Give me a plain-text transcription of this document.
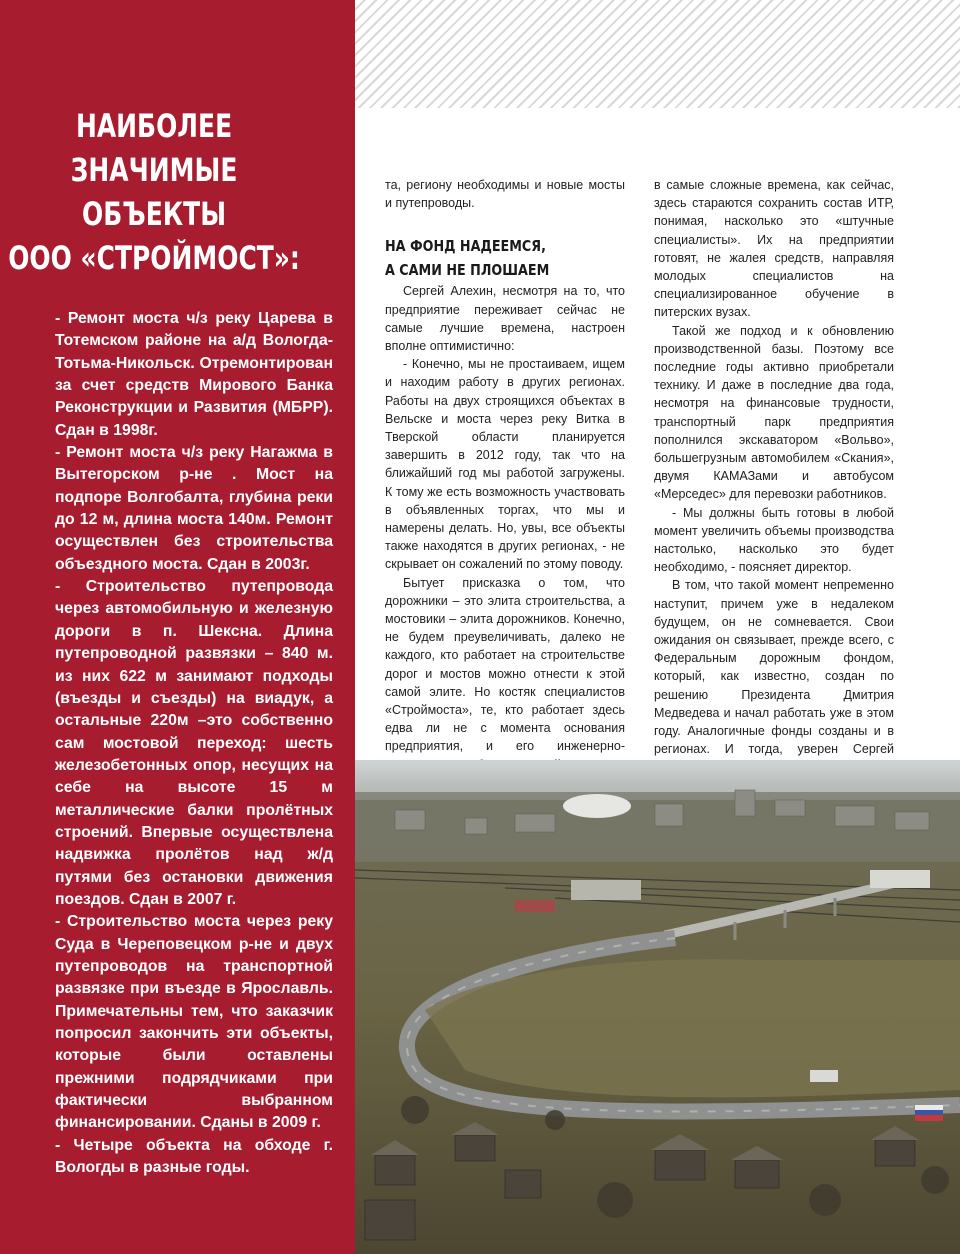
НАИБОЛЕЕ
ЗНАЧИМЫЕ
ОБЪЕКТЫ
ООО «СТРОЙМОСТ»:

- Ремонт моста ч/з реку Царева в Тотемском районе на а/д Вологда-Тотьма-Никольск. Отремонтирован за счет средств Мирового Банка Реконструкции и Развития (МБРР). Сдан в 1998г.

- Ремонт моста ч/з реку Нагажма в Вытегорском р-не . Мост на подпоре Волгобалта, глубина реки до 12 м, длина моста 140м. Ремонт осуществлен без строительства объездного моста. Сдан в 2003г.

- Строительство путепровода через автомобильную и железную дороги в п. Шексна. Длина путепроводной развязки – 840 м. из них 622 м занимают подходы (въезды и съезды) на виадук, а остальные 220м –это собственно сам мостовой переход: шесть железобетонных опор, несущих на себе на высоте 15 м металлические балки пролётных строений. Впервые осуществлена надвижка пролётов над ж/д путями без остановки движения поездов. Сдан в 2007 г.

- Строительство моста через реку Суда в Череповецком р-не и двух путепроводов на транспортной развязке при въезде в Ярославль. Примечательны тем, что заказчик попросил закончить эти объекты, которые были оставлены прежними подрядчиками при фактически выбранном финансировании. Сданы в 2009 г.

- Четыре объекта на обходе г. Вологды в разные годы.

та, региону необходимы и новые мосты и путепроводы.

НА ФОНД НАДЕЕМСЯ,
А САМИ НЕ ПЛОШАЕМ

Сергей Алехин, несмотря на то, что предприятие переживает сейчас не самые лучшие времена, настроен вполне оптимистично:

- Конечно, мы не простаиваем, ищем и находим работу в других регионах. Работы на двух строящихся объектах в Вельске и моста через реку Витка в Тверской области планируется завершить в 2012 году, так что на ближайший год мы работой загружены. К тому же есть возможность участвовать в объявленных торгах, что мы и намерены делать. Но, увы, все объекты также находятся в других регионах, - не скрывает он сожалений по этому поводу.

Бытует присказка о том, что дорожники – это элита строительства, а мостовики – элита дорожников. Конечно, не будем преувеличивать, далеко не каждого, кто работает на строительстве дорог и мостов можно отнести к этой самой элите. Но костяк специалистов «Строймоста», те, кто работает здесь едва ли не с момента основания предприятия, и его инженерно-

в самые сложные времена, как сейчас, здесь стараются сохранить состав ИТР, понимая, насколько это «штучные специалисты». Их на предприятии готовят, не жалея средств, направляя молодых специалистов на специализированное обучение в питерских вузах.

Такой же подход и к обновлению производственной базы. Поэтому все последние годы активно приобретали технику. И даже в последние два года, несмотря на финансовые трудности, транспортный парк предприятия пополнился экскаватором «Вольво», большегрузным автомобилем «Скания», двумя КАМАЗами и автобусом «Мерседес» для перевозки работников.

- Мы должны быть готовы в любой момент увеличить объемы производства настолько, насколько это будет необходимо, - поясняет директор.

В том, что такой момент непременно наступит, причем уже в недалеком будущем, он не сомневается. Свои ожидания он связывает, прежде всего, с Федеральным дорожным фондом, который, как известно, создан по решению Президента Дмитрия Медведева и начал работать уже в этом году. Аналогичные фонды созданы и в регионах. И тогда, уверен Сергей
